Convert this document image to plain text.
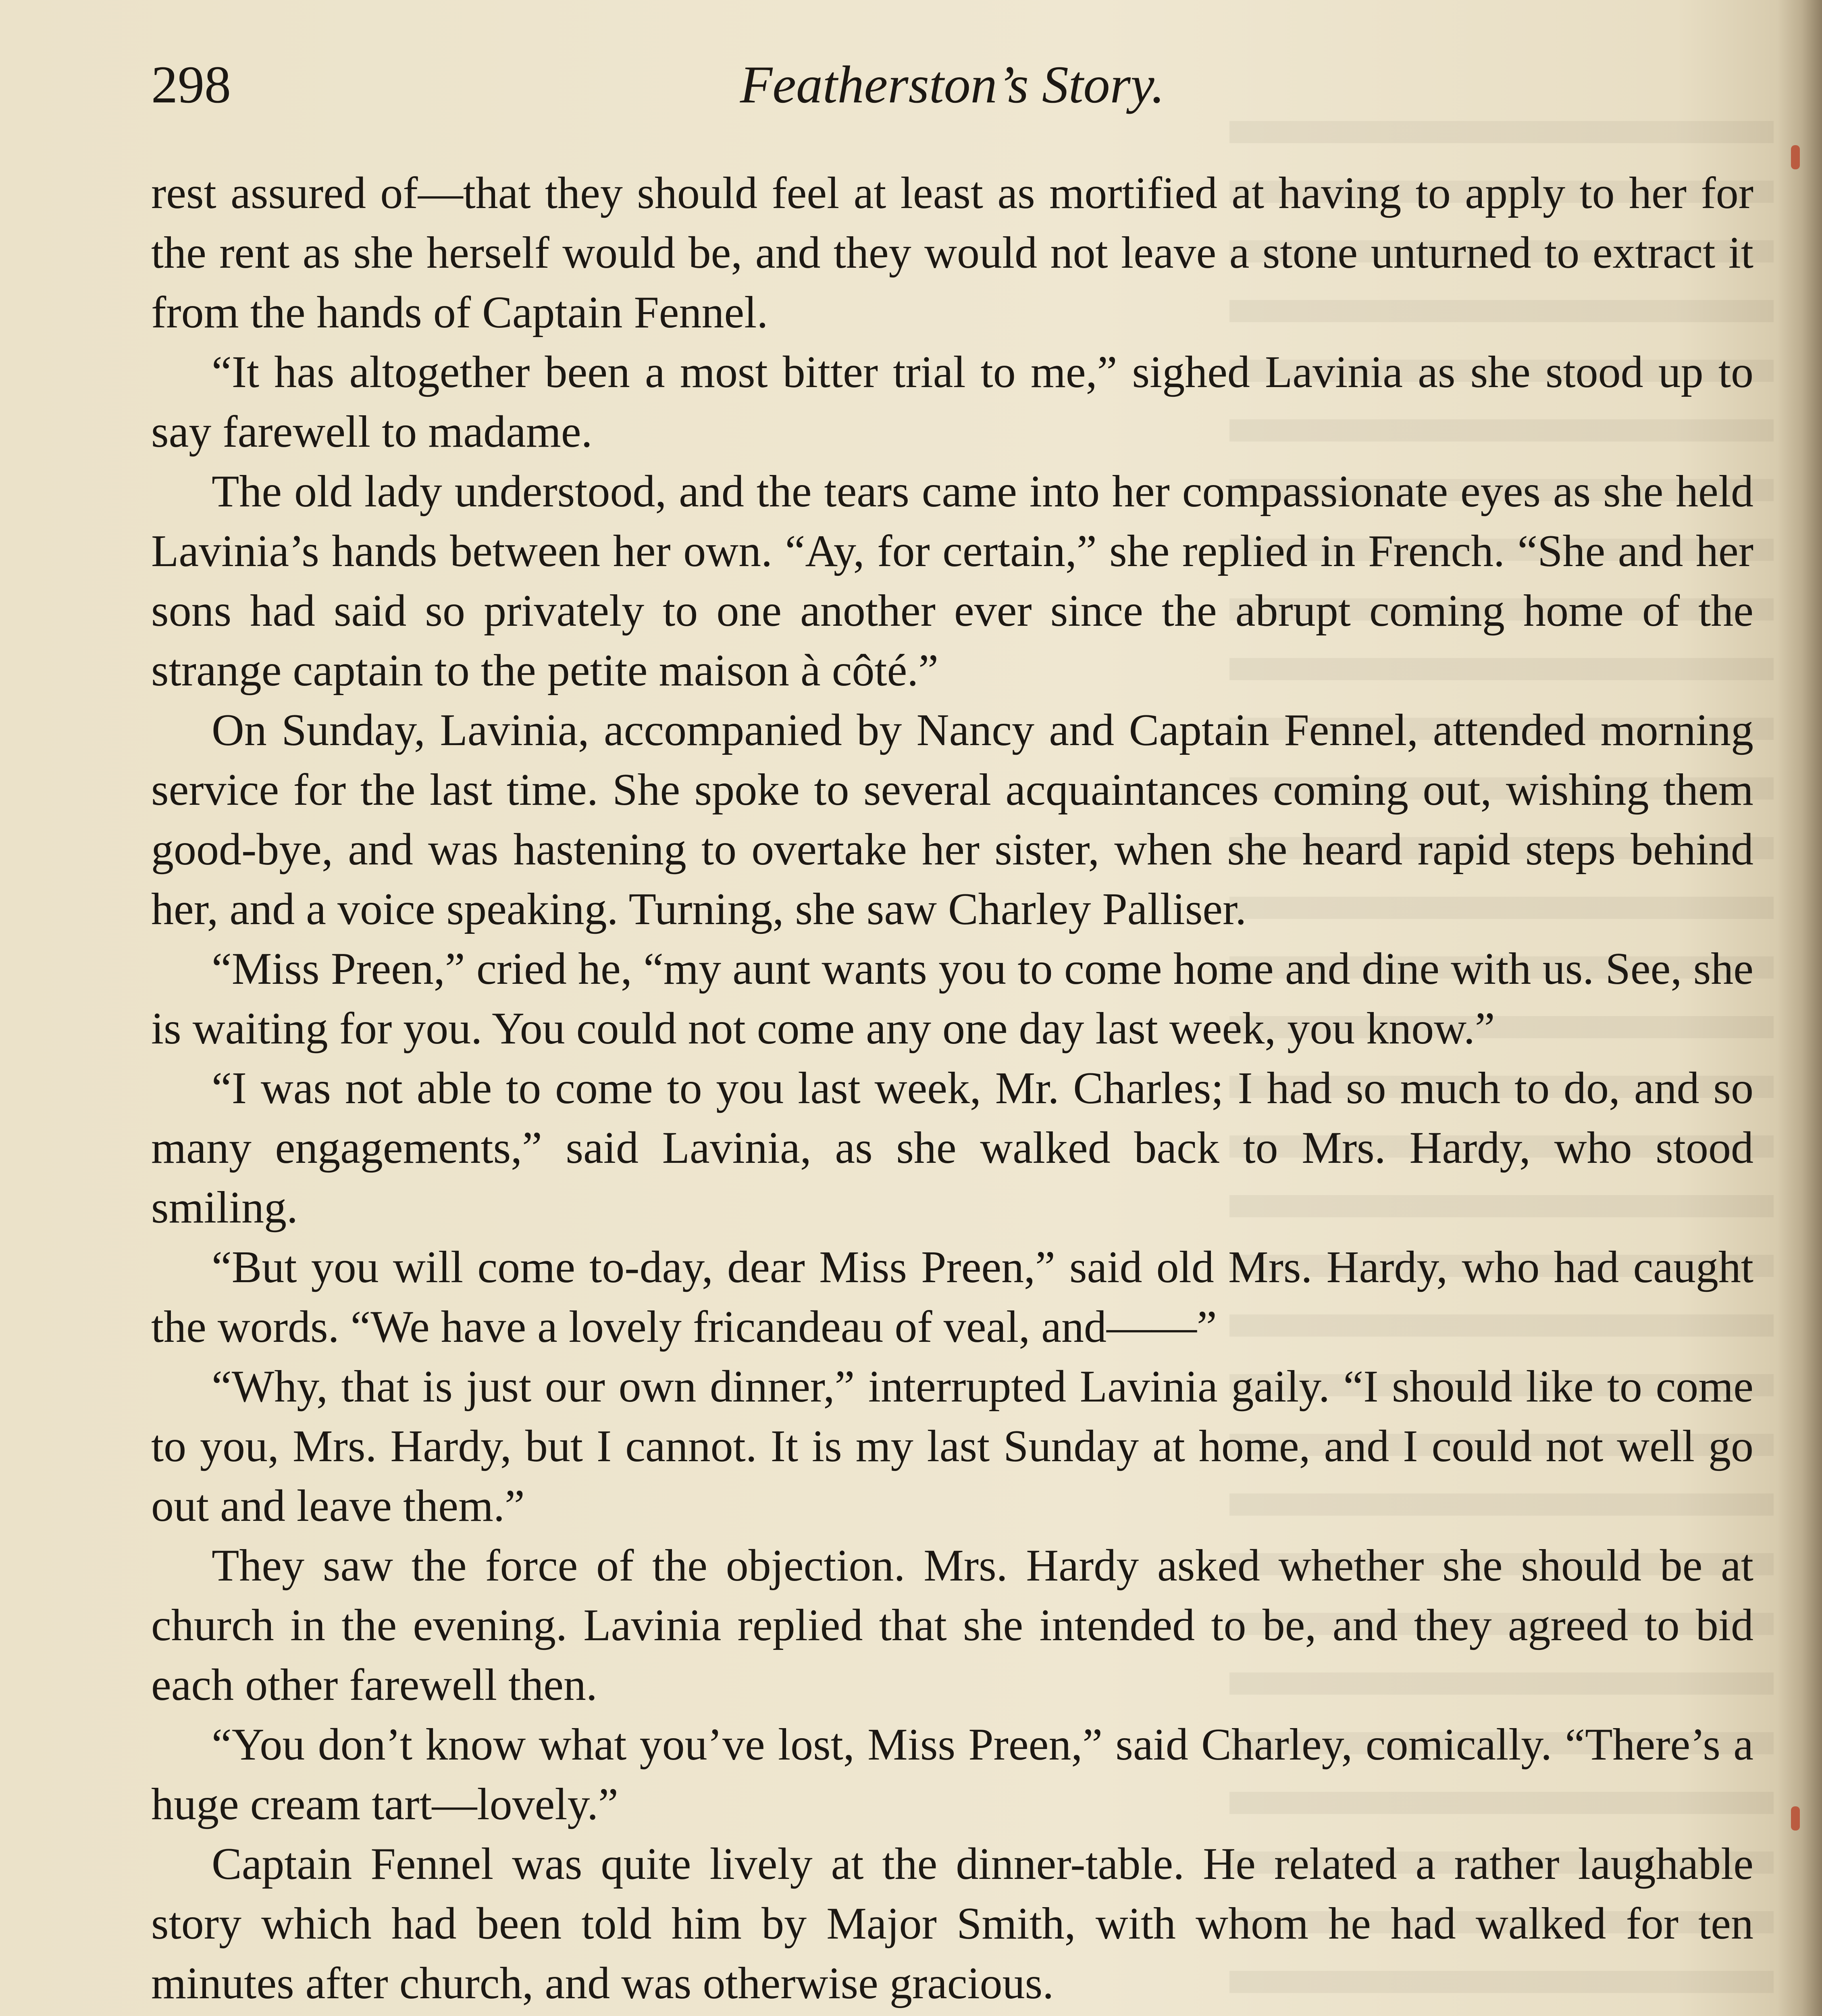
298	Featherston’s Story.

rest assured of—that they should feel at least as mortified at having to apply to her for the rent as she herself would be, and they would not leave a stone unturned to extract it from the hands of Captain Fennel.

“It has altogether been a most bitter trial to me,” sighed Lavinia as she stood up to say farewell to madame.

The old lady understood, and the tears came into her compassionate eyes as she held Lavinia’s hands between her own. “Ay, for certain,” she replied in French. “She and her sons had said so privately to one another ever since the abrupt coming home of the strange captain to the petite maison à côté.”

On Sunday, Lavinia, accompanied by Nancy and Captain Fennel, attended morning service for the last time. She spoke to several acquaintances coming out, wishing them good-bye, and was hastening to overtake her sister, when she heard rapid steps behind her, and a voice speaking. Turning, she saw Charley Palliser.

“Miss Preen,” cried he, “my aunt wants you to come home and dine with us. See, she is waiting for you. You could not come any one day last week, you know.”

“I was not able to come to you last week, Mr. Charles; I had so much to do, and so many engagements,” said Lavinia, as she walked back to Mrs. Hardy, who stood smiling.

“But you will come to-day, dear Miss Preen,” said old Mrs. Hardy, who had caught the words. “We have a lovely fricandeau of veal, and——”

“Why, that is just our own dinner,” interrupted Lavinia gaily. “I should like to come to you, Mrs. Hardy, but I cannot. It is my last Sunday at home, and I could not well go out and leave them.”

They saw the force of the objection. Mrs. Hardy asked whether she should be at church in the evening. Lavinia replied that she intended to be, and they agreed to bid each other farewell then.

“You don’t know what you’ve lost, Miss Preen,” said Charley, comically. “There’s a huge cream tart—lovely.”

Captain Fennel was quite lively at the dinner-table. He related a rather laughable story which had been told him by Major Smith, with whom he had walked for ten minutes after church, and was otherwise gracious.
